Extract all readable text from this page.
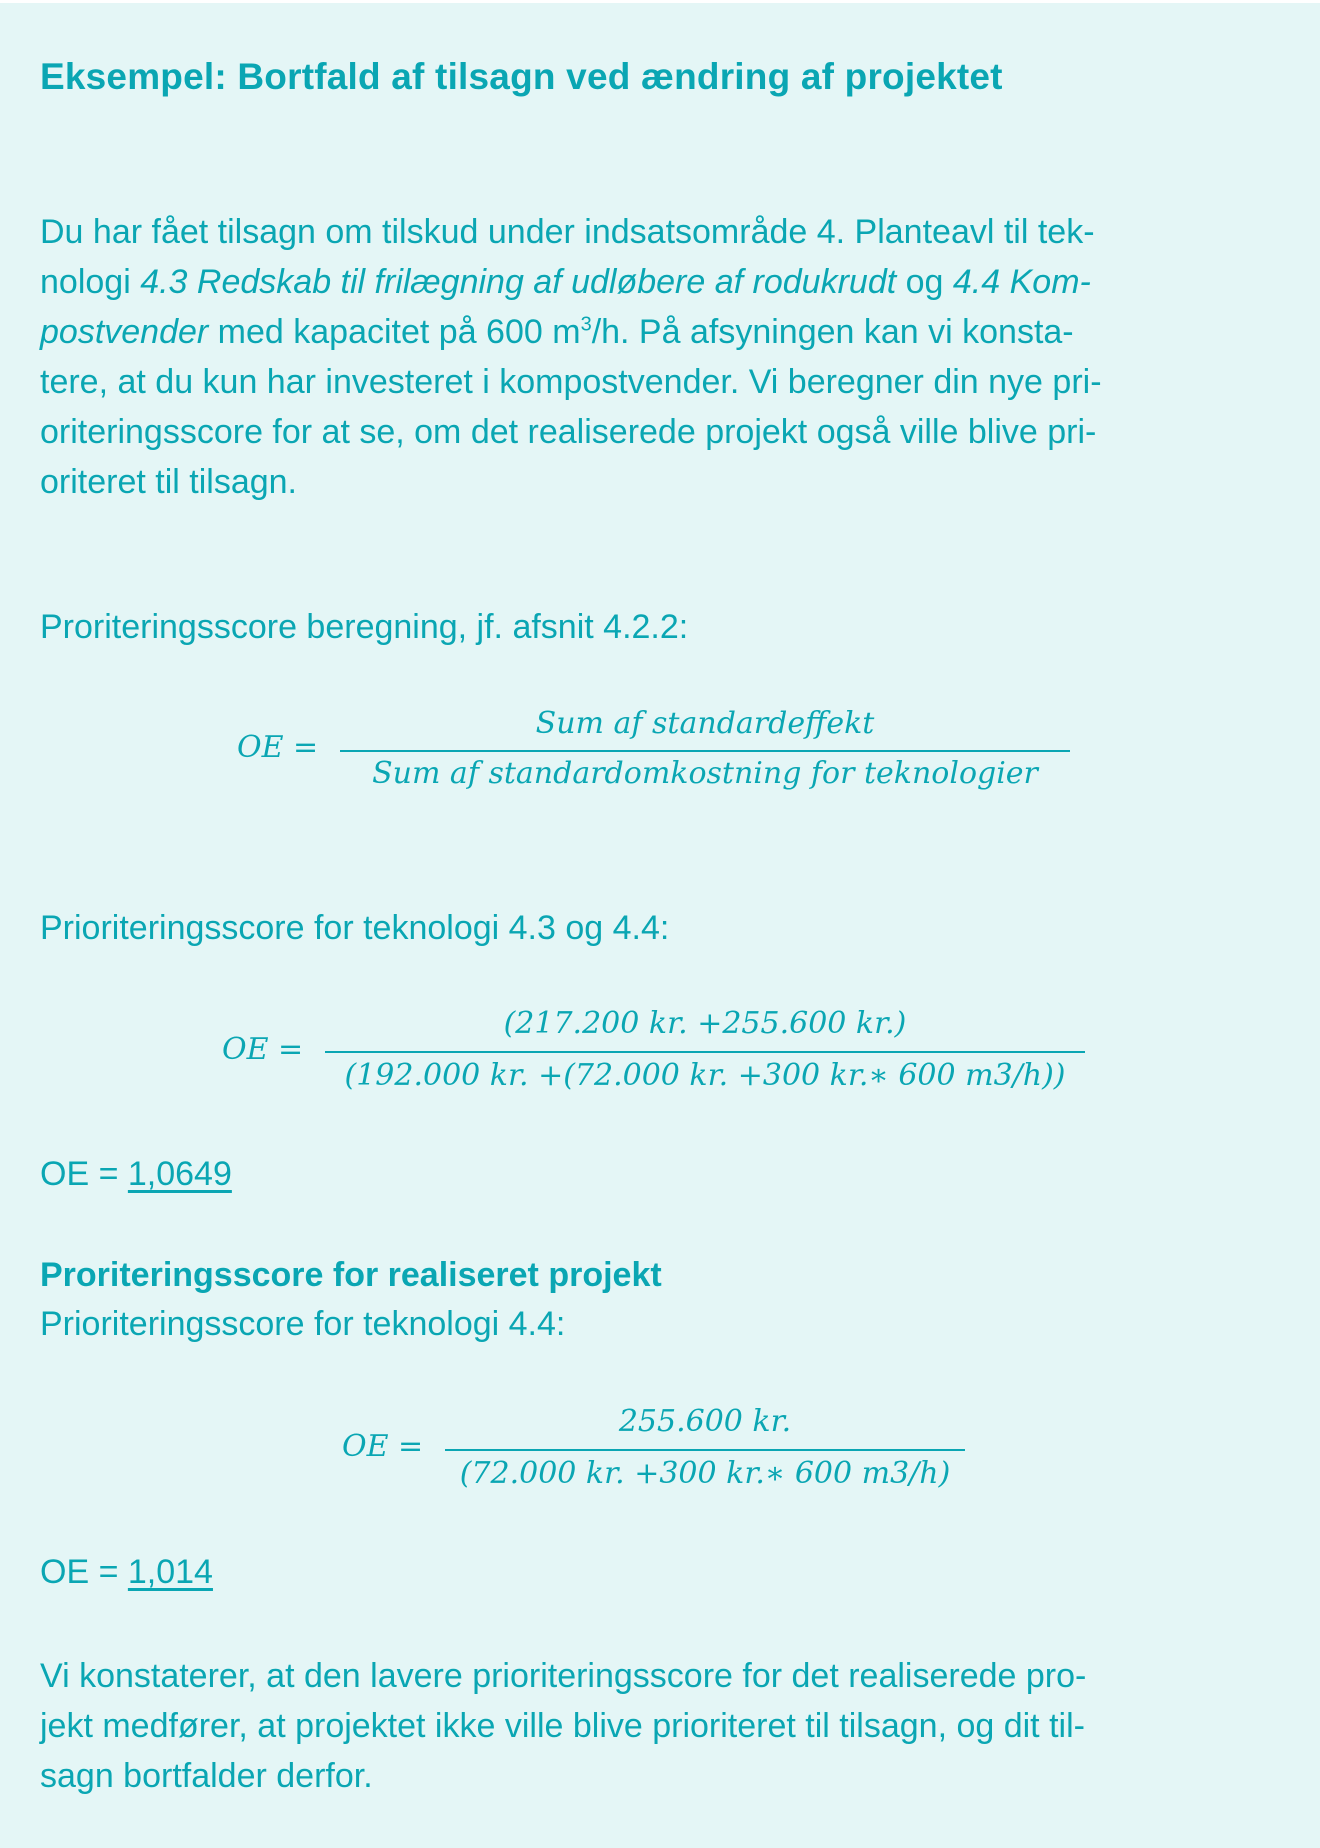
Eksempel: Bortfald af tilsagn ved ændring af projektet

Du har fået tilsagn om tilskud under indsatsområde 4. Planteavl til tek-
nologi 4.3 Redskab til frilægning af udløbere af rodukrudt og 4.4 Kom-
postvender med kapacitet på 600 $m^3/h$. På afsyningen kan vi konsta-
tere, at du kun har investeret i kompostvender. Vi beregner din nye pri-
oriteringsscore for at se, om det realiserede projekt også ville blive pri-
oriteret til tilsagn.

Proriteringsscore beregning, jf. afsnit 4.2.2:

OE =
Sum af standardeffekt
Sum af standardomkostning for teknologier

Prioriteringsscore for teknologi 4.3 og 4.4:

OE =
(217.200 kr. +255.600 kr.)
(192.000 kr. +(72.000 kr. +300 kr.∗ 600 m3/h))

OE = 1,0649

Proriteringsscore for realiseret projekt

Prioriteringsscore for teknologi 4.4:

OE =
255.600 kr.
(72.000 kr. +300 kr.∗ 600 m3/h)

OE = 1,014

Vi konstaterer, at den lavere prioriteringsscore for det realiserede pro-
jekt medfører, at projektet ikke ville blive prioriteret til tilsagn, og dit til-
sagn bortfalder derfor.
